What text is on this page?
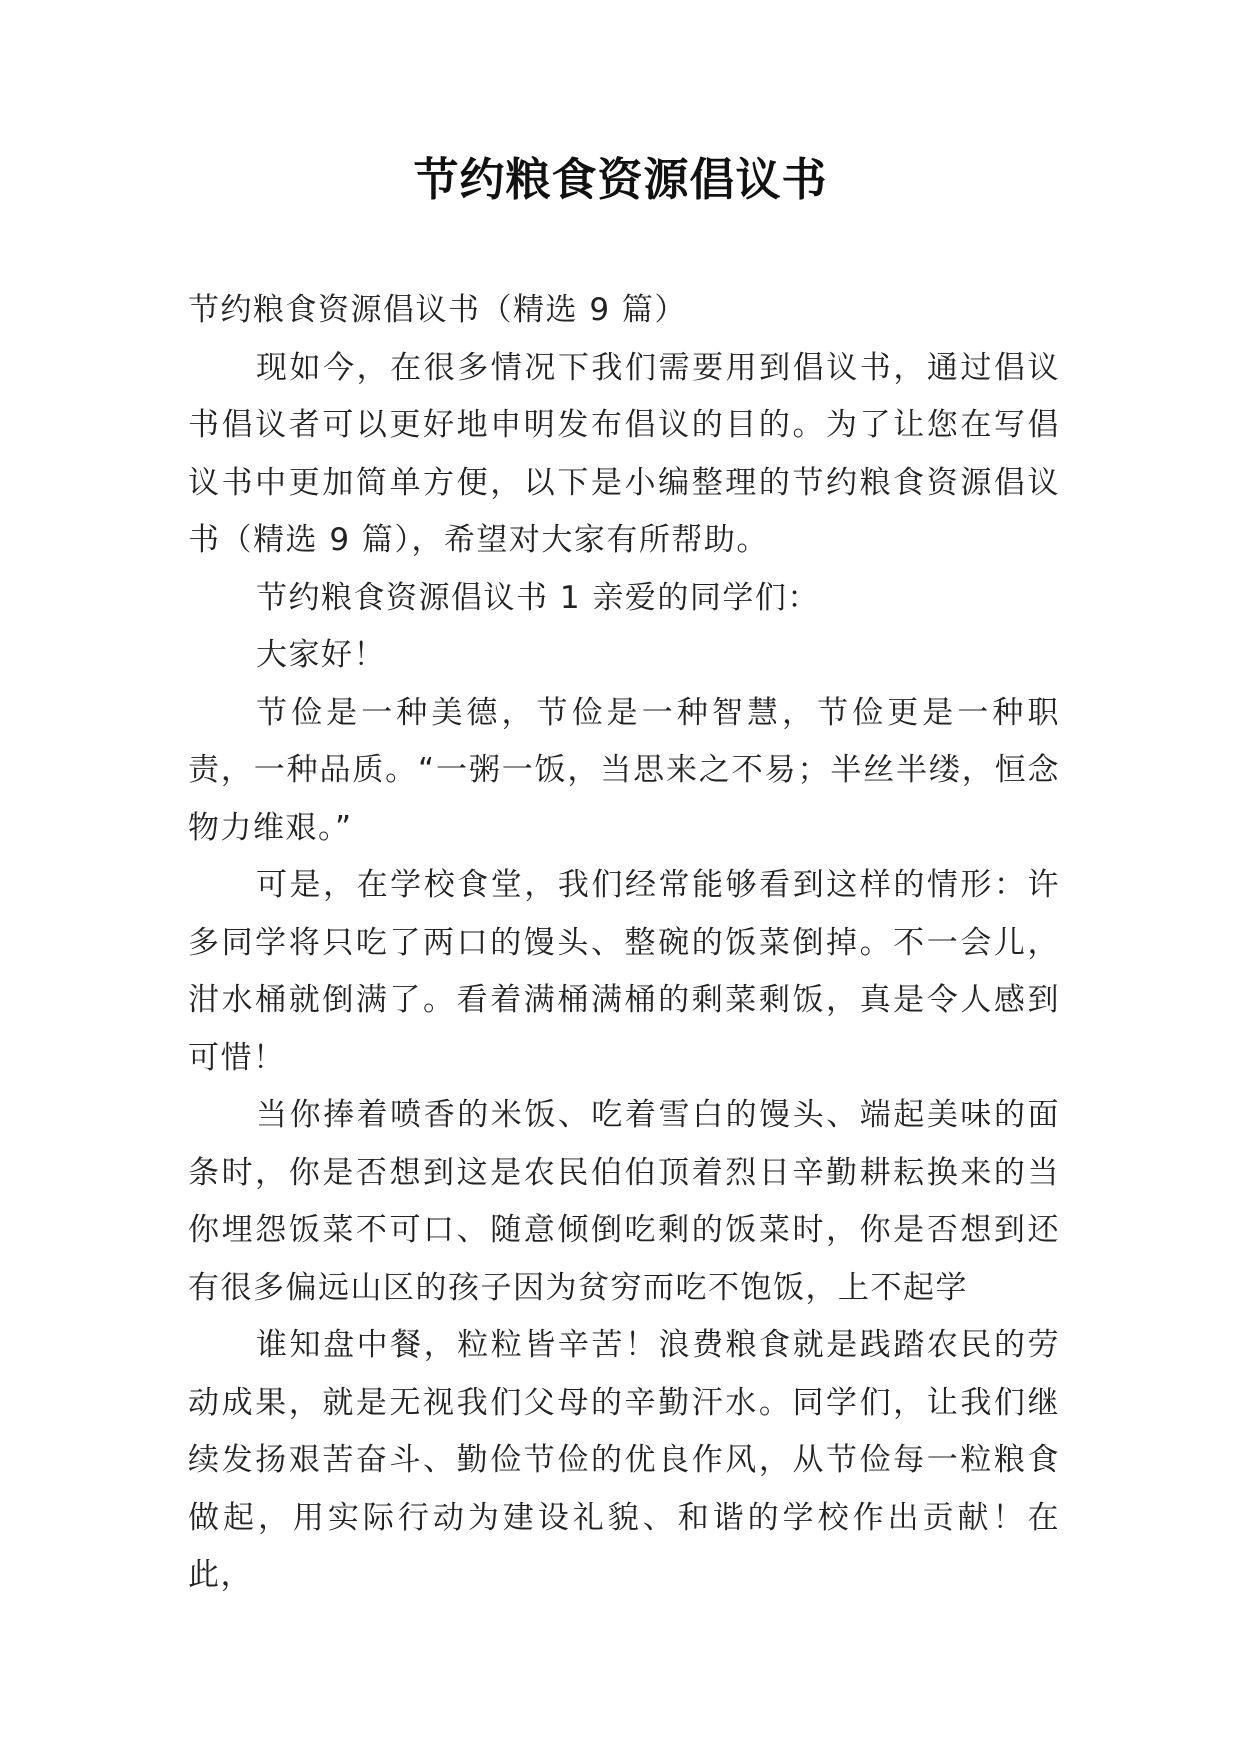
节约粮食资源倡议书

节约粮食资源倡议书（精选 9 篇）

现如今，在很多情况下我们需要用到倡议书，通过倡议书倡议者可以更好地申明发布倡议的目的。为了让您在写倡议书中更加简单方便，以下是小编整理的节约粮食资源倡议书（精选 9 篇），希望对大家有所帮助。

节约粮食资源倡议书 1 亲爱的同学们：

大家好！

节俭是一种美德，节俭是一种智慧，节俭更是一种职责，一种品质。“一粥一饭，当思来之不易；半丝半缕，恒念物力维艰。”

可是，在学校食堂，我们经常能够看到这样的情形：许多同学将只吃了两口的馒头、整碗的饭菜倒掉。不一会儿，泔水桶就倒满了。看着满桶满桶的剩菜剩饭，真是令人感到可惜！

当你捧着喷香的米饭、吃着雪白的馒头、端起美味的面条时，你是否想到这是农民伯伯顶着烈日辛勤耕耘换来的当你埋怨饭菜不可口、随意倾倒吃剩的饭菜时，你是否想到还有很多偏远山区的孩子因为贫穷而吃不饱饭，上不起学

谁知盘中餐，粒粒皆辛苦！浪费粮食就是践踏农民的劳动成果，就是无视我们父母的辛勤汗水。同学们，让我们继续发扬艰苦奋斗、勤俭节俭的优良作风，从节俭每一粒粮食做起，用实际行动为建设礼貌、和谐的学校作出贡献！在此，
